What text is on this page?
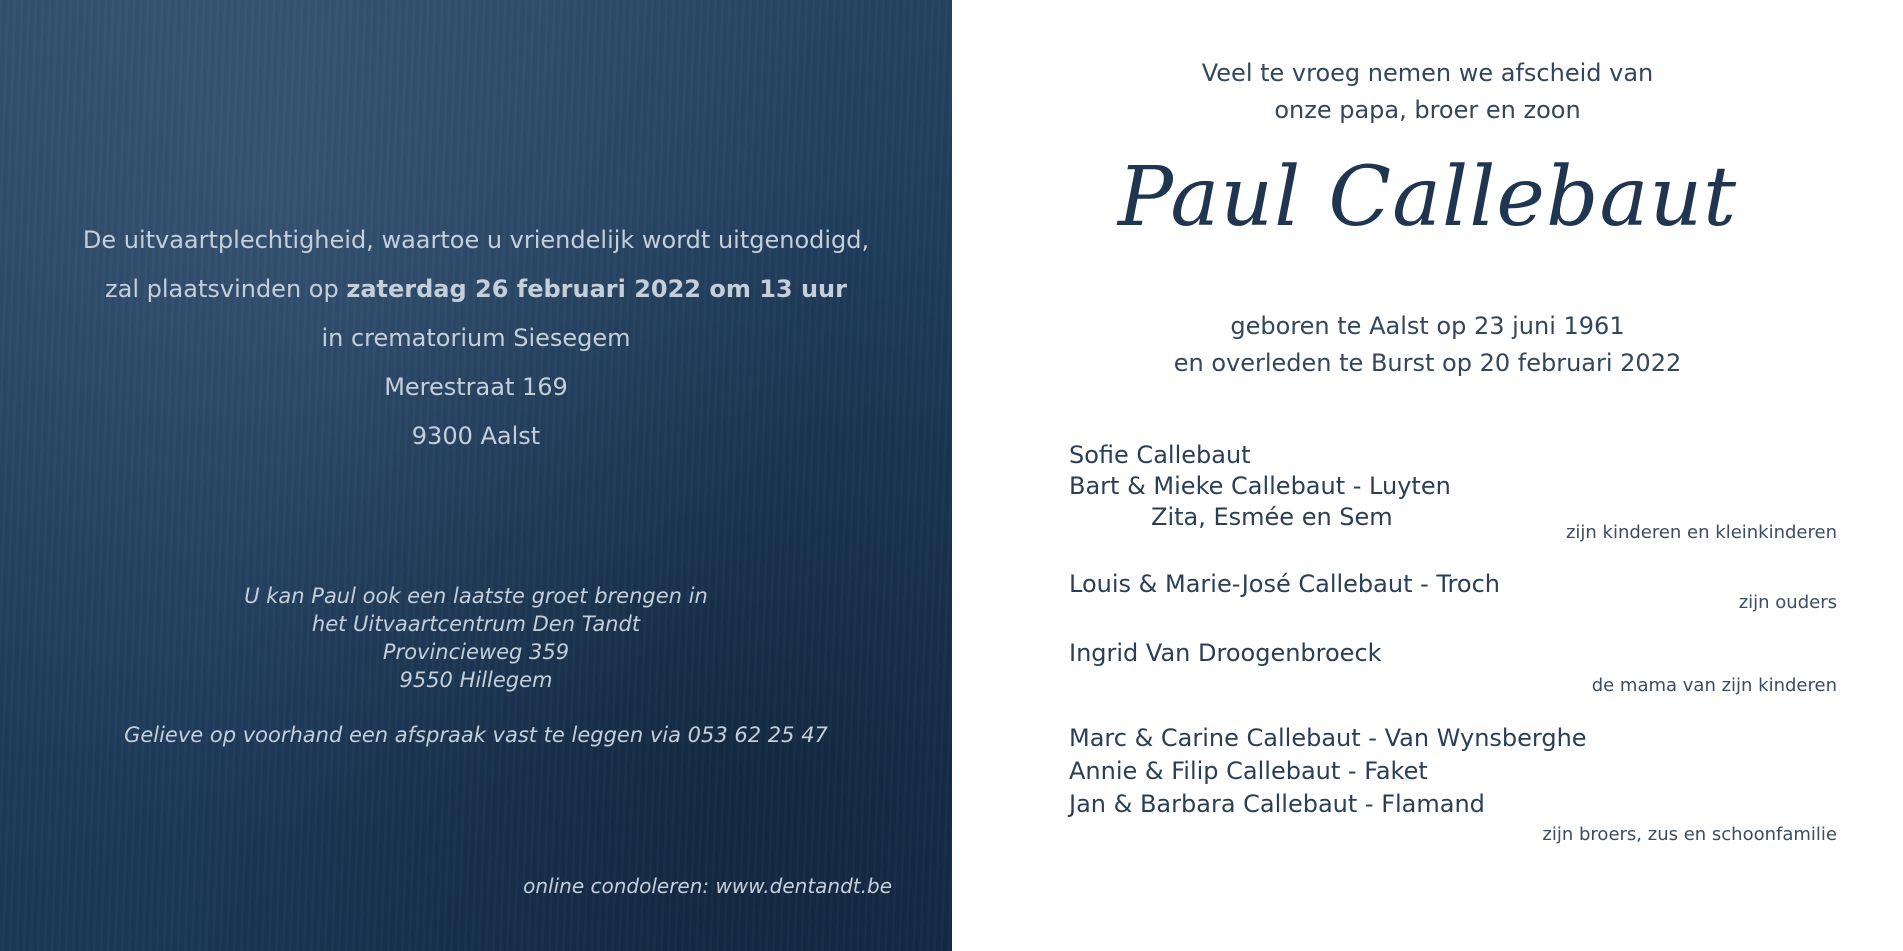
De uitvaartplechtigheid, waartoe u vriendelijk wordt uitgenodigd,
zal plaatsvinden op zaterdag 26 februari 2022 om 13 uur
in crematorium Siesegem
Merestraat 169
9300 Aalst
U kan Paul ook een laatste groet brengen in
het Uitvaartcentrum Den Tandt
Provincieweg 359
9550 Hillegem
Gelieve op voorhand een afspraak vast te leggen via 053 62 25 47
online condoleren: www.dentandt.be
Veel te vroeg nemen we afscheid van
onze papa, broer en zoon
Paul Callebaut
geboren te Aalst op 23 juni 1961
en overleden te Burst op 20 februari 2022
Sofie Callebaut
Bart & Mieke Callebaut - Luyten
Zita, Esmée en Sem
zijn kinderen en kleinkinderen
Louis & Marie-José Callebaut - Troch
zijn ouders
Ingrid Van Droogenbroeck
de mama van zijn kinderen
Marc & Carine Callebaut - Van Wynsberghe
Annie & Filip Callebaut - Faket
Jan & Barbara Callebaut - Flamand
zijn broers, zus en schoonfamilie
